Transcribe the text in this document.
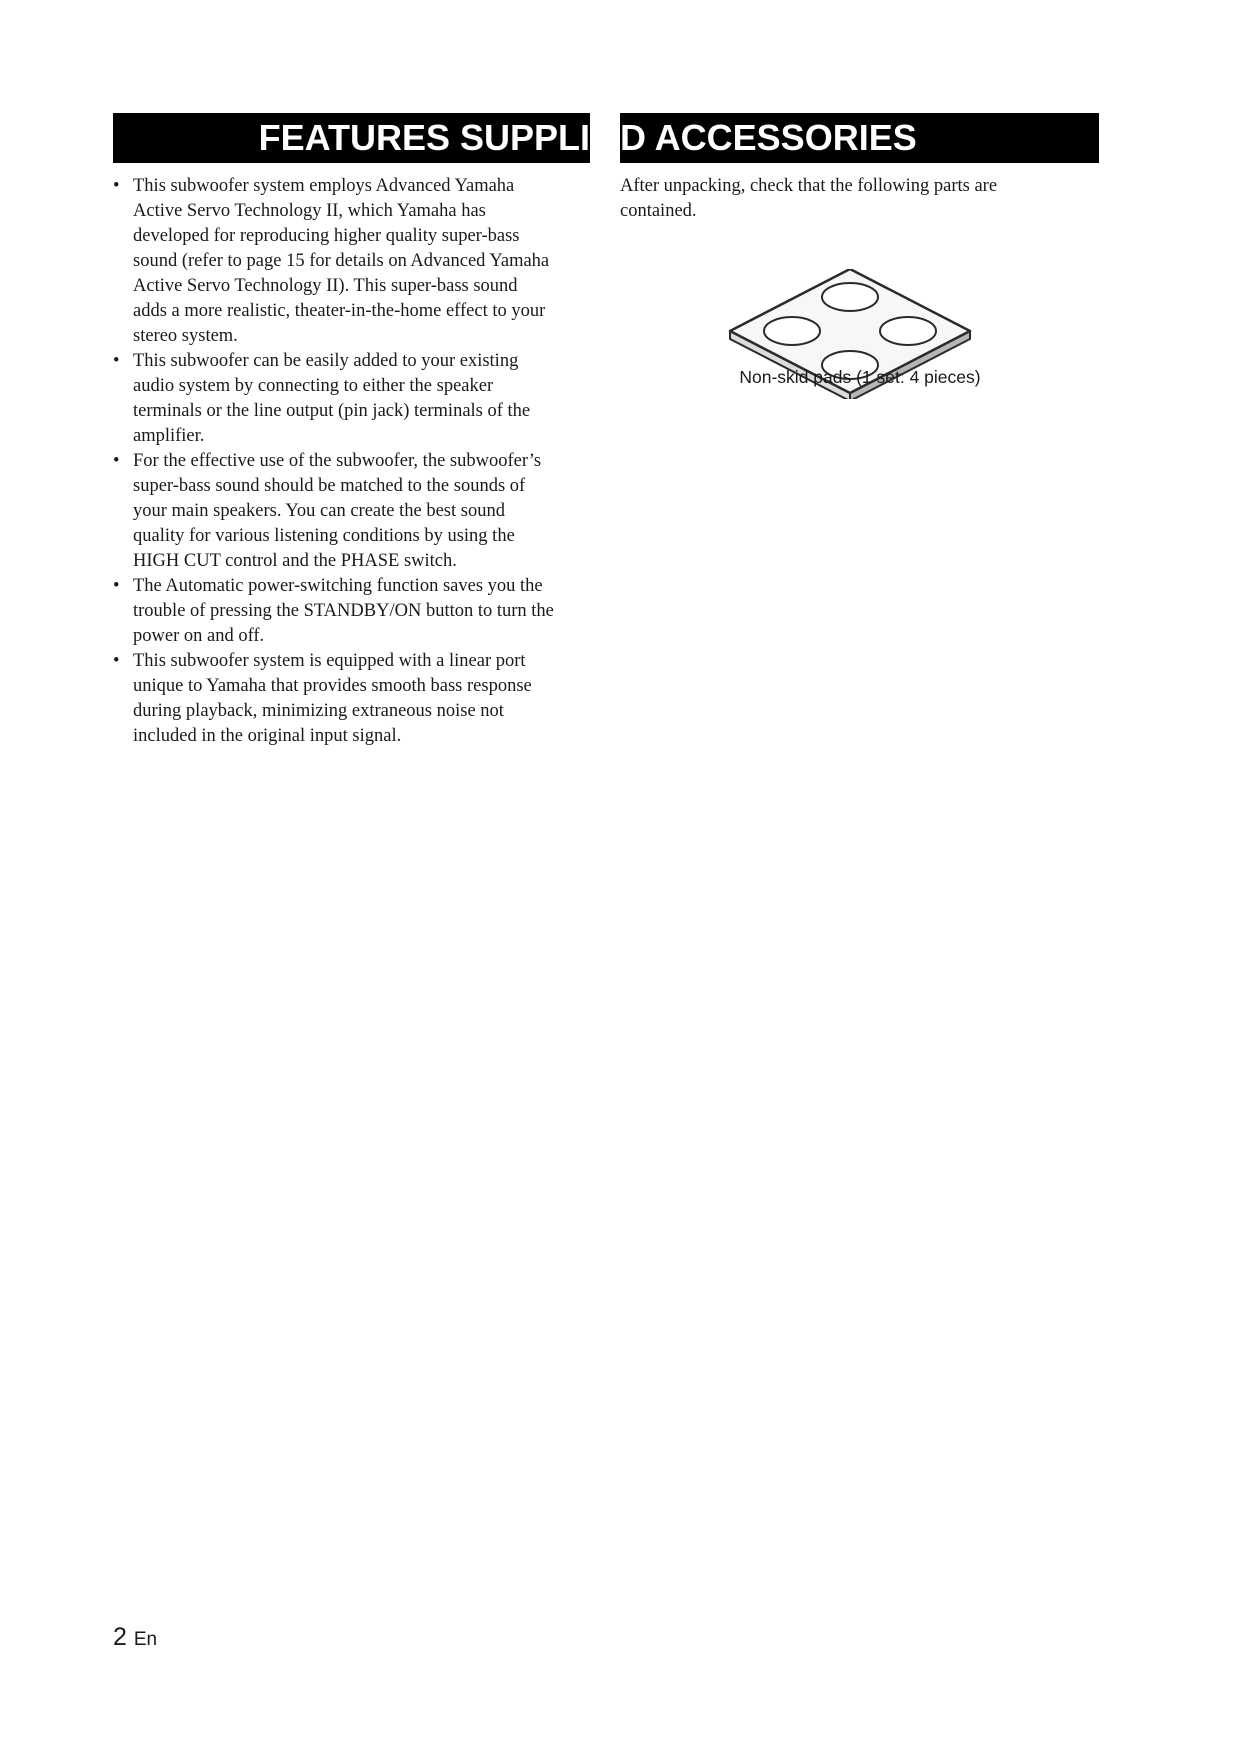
FEATURES SUPPLI D ACCESSORIES
• This subwoofer system employs Advanced Yamaha
Active Servo Technology II, which Yamaha has
developed for reproducing higher quality super-bass
sound (refer to page 15 for details on Advanced Yamaha
Active Servo Technology II). This super-bass sound
adds a more realistic, theater-in-the-home effect to your
stereo system.
• This subwoofer can be easily added to your existing
audio system by connecting to either the speaker
terminals or the line output (pin jack) terminals of the
amplifier.
• For the effective use of the subwoofer, the subwoofer’s
super-bass sound should be matched to the sounds of
your main speakers. You can create the best sound
quality for various listening conditions by using the
HIGH CUT control and the PHASE switch.
• The Automatic power-switching function saves you the
trouble of pressing the STANDBY/ON button to turn the
power on and off.
• This subwoofer system is equipped with a linear port
unique to Yamaha that provides smooth bass response
during playback, minimizing extraneous noise not
included in the original input signal.

After unpacking, check that the following parts are
contained.

Non-skid pads (1 set: 4 pieces)
2 En
